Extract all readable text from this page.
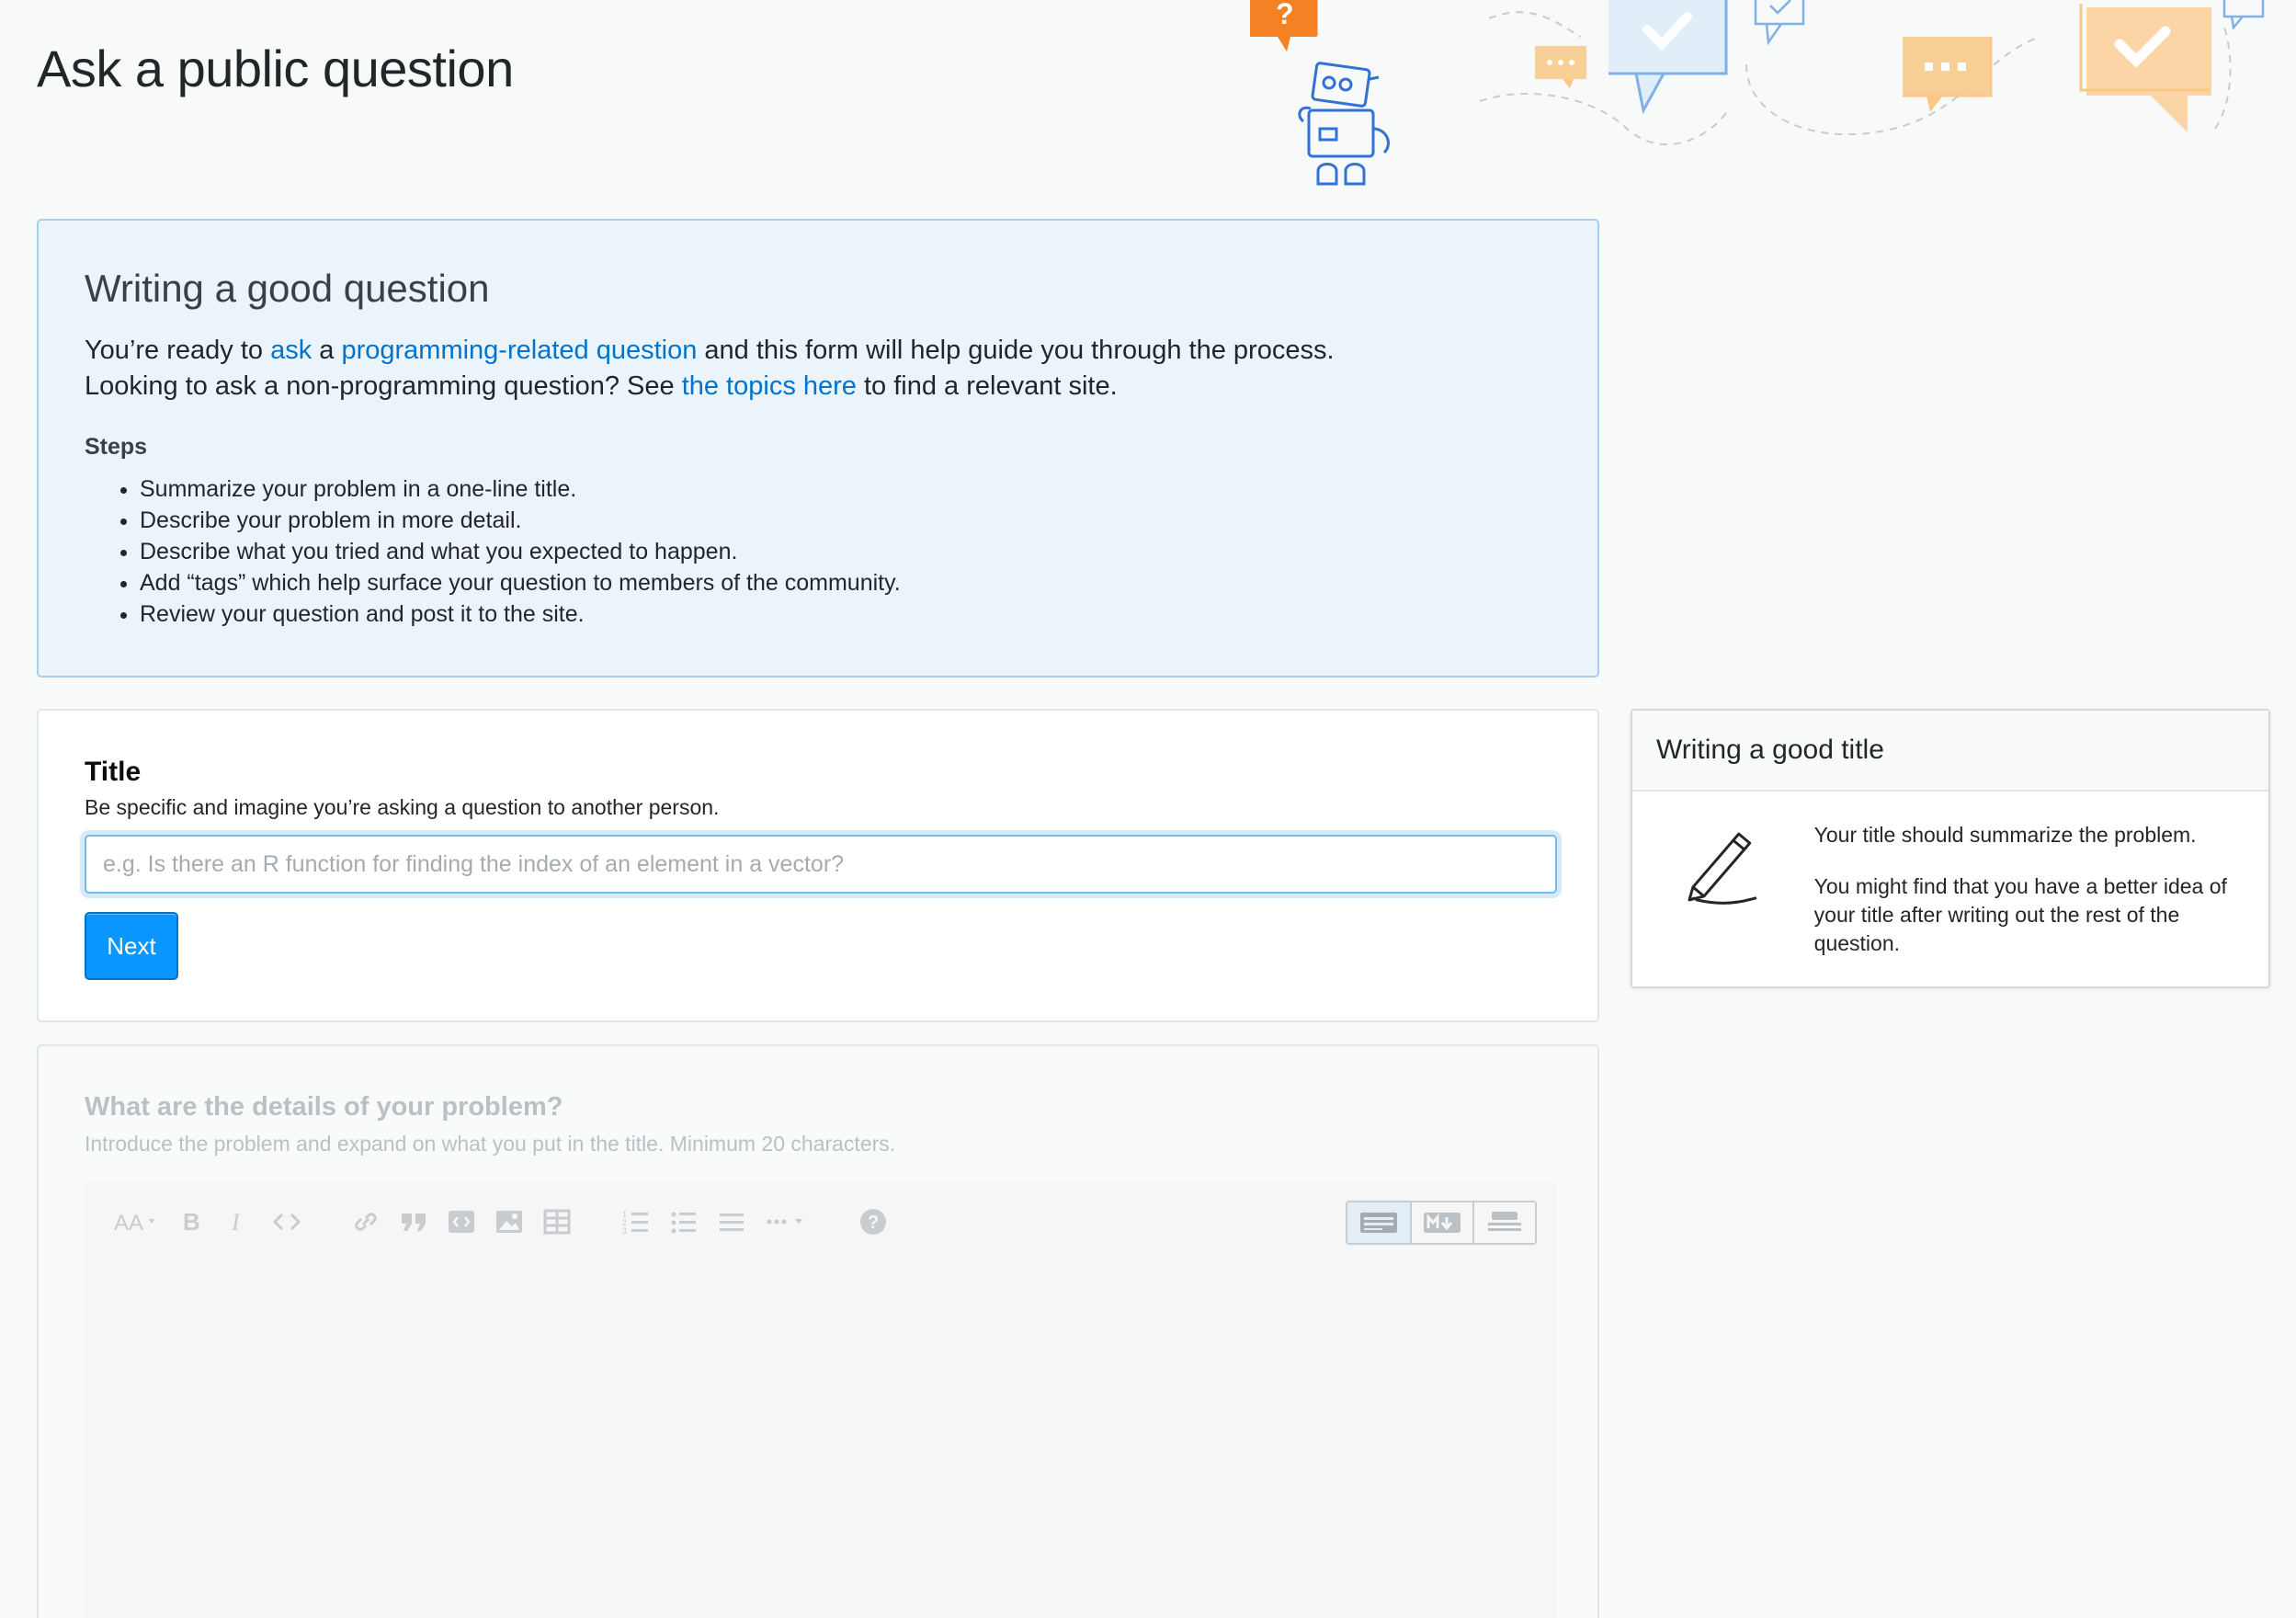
Ask a public question
?
Writing a good question

You’re ready to ask a programming-related question and this form will help guide you through the process.
Looking to ask a non-programming question? See the topics here to find a relevant site.

Steps
• Summarize your problem in a one-line title.
• Describe your problem in more detail.
• Describe what you tried and what you expected to happen.
• Add “tags” which help surface your question to members of the community.
• Review your question and post it to the site.
Title
Be specific and imagine you’re asking a question to another person.
e.g. Is there an R function for finding the index of an element in a vector?
Next
Writing a good title

Your title should summarize the problem.

You might find that you have a better idea of your title after writing out the rest of the question.

What are the details of your problem?
Introduce the problem and expand on what you put in the title. Minimum 20 characters.
AA B I	1
2
3	?
